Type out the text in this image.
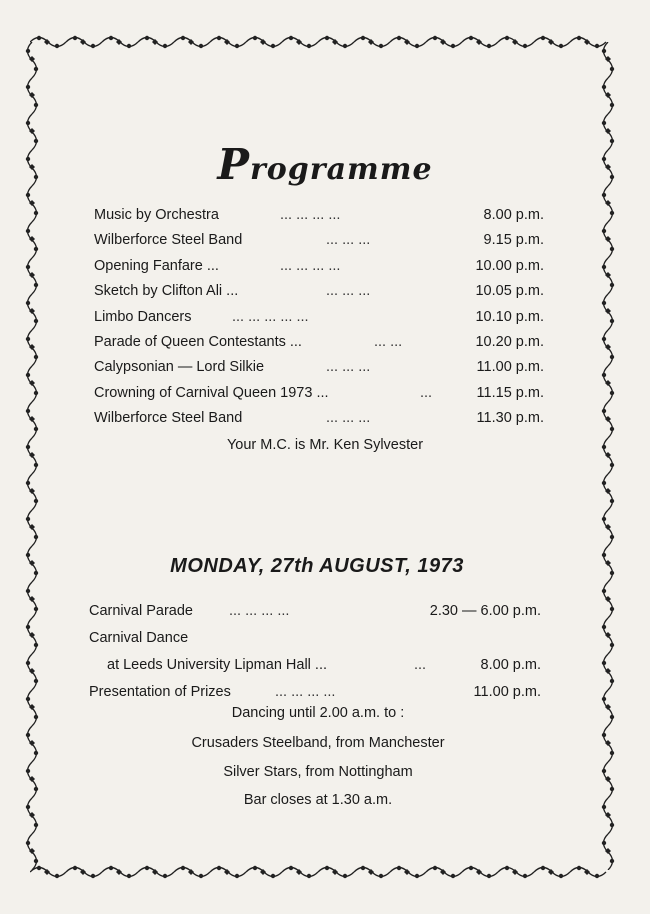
Programme
Music by Orchestra	... ... ... ...	8.00 p.m.
Wilberforce Steel Band	... ... ...	9.15 p.m.
Opening Fanfare ...	... ... ... ...	10.00 p.m.
Sketch by Clifton Ali ...	... ... ...	10.05 p.m.
Limbo Dancers	... ... ... ... ...	10.10 p.m.
Parade of Queen Contestants ...	... ...	10.20 p.m.
Calypsonian — Lord Silkie	... ... ...	11.00 p.m.
Crowning of Carnival Queen 1973 ...	...	11.15 p.m.
Wilberforce Steel Band	... ... ...	11.30 p.m.
Your M.C. is Mr. Ken Sylvester
MONDAY, 27th AUGUST, 1973
Carnival Parade ... ... ... ...	2.30 — 6.00 p.m.
Carnival Dance
at Leeds University Lipman Hall ...	...	8.00 p.m.
Presentation of Prizes	... ... ... ...	11.00 p.m.
Dancing until 2.00 a.m. to :
Crusaders Steelband, from Manchester
Silver Stars, from Nottingham
Bar closes at 1.30 a.m.
